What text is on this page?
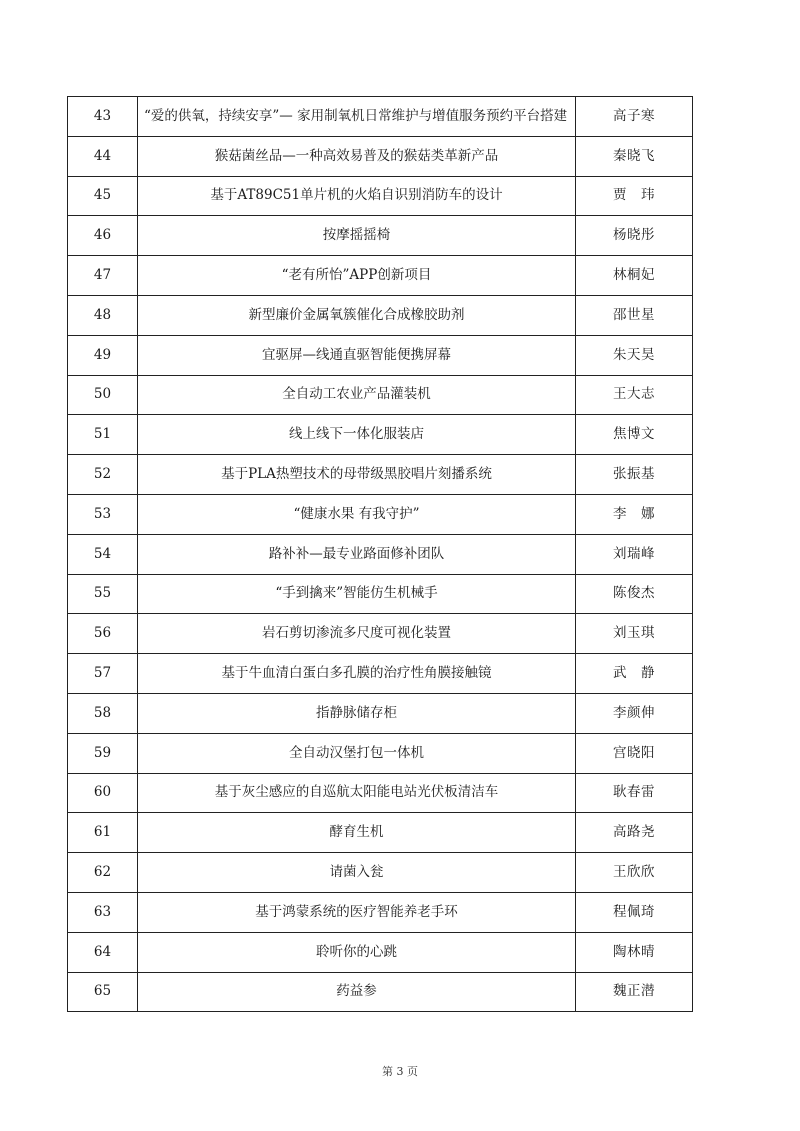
43	“爱的供氧，持续安享”— 家用制氧机日常维护与增值服务预约平台搭建	高子寒
44	猴菇菌丝品—一种高效易普及的猴菇类革新产品	秦晓飞
45	基于AT89C51单片机的火焰自识别消防车的设计	贾　玮
46	按摩摇摇椅	杨晓彤
47	“老有所怡”APP创新项目	林桐妃
48	新型廉价金属氧簇催化合成橡胶助剂	邵世星
49	宜驱屏—线通直驱智能便携屏幕	朱天昊
50	全自动工农业产品灌装机	王大志
51	线上线下一体化服装店	焦博文
52	基于PLA热塑技术的母带级黑胶唱片刻播系统	张振基
53	“健康水果 有我守护”	李　娜
54	路补补—最专业路面修补团队	刘瑞峰
55	“手到擒来”智能仿生机械手	陈俊杰
56	岩石剪切渗流多尺度可视化装置	刘玉琪
57	基于牛血清白蛋白多孔膜的治疗性角膜接触镜	武　静
58	指静脉储存柜	李颜伸
59	全自动汉堡打包一体机	宫晓阳
60	基于灰尘感应的自巡航太阳能电站光伏板清洁车	耿春雷
61	酵育生机	高路尧
62	请菌入瓮	王欣欣
63	基于鸿蒙系统的医疗智能养老手环	程佩琦
64	聆听你的心跳	陶林晴
65	药益参	魏正潜
第 3 页
